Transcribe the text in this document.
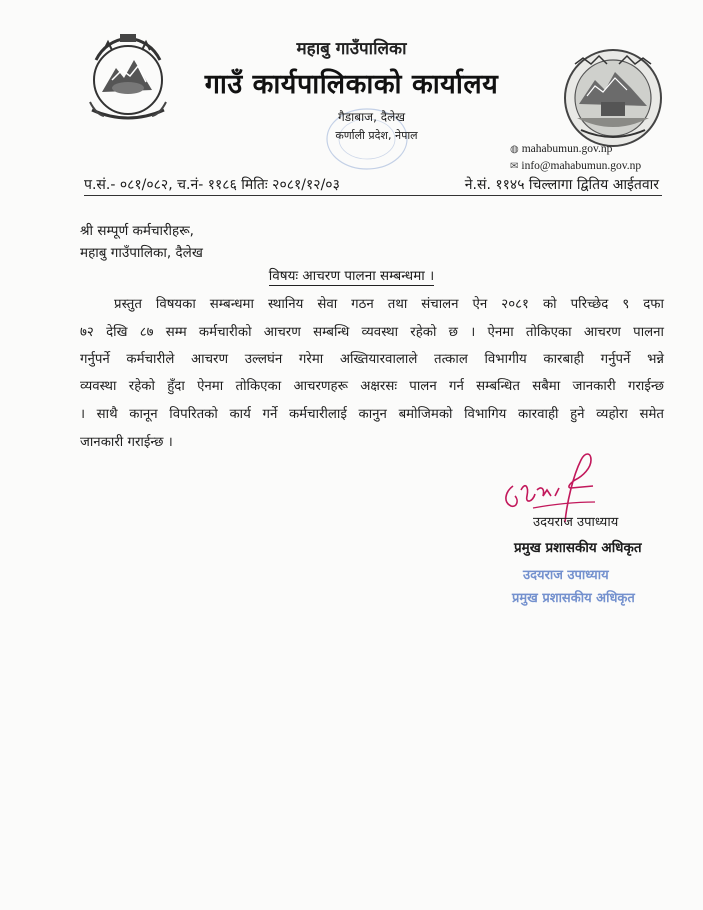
महाबु गाउँपालिका
गाउँ कार्यपालिकाको कार्यालय
गैडाबाज, दैलेख
कर्णाली प्रदेश, नेपाल
◍ mahabumun.gov.np
✉ info@mahabumun.gov.np
प.सं.- ०८१/०८२, च.नं- ११८६ मितिः २०८१/१२/०३	ने.सं. ११४५ चिल्लागा द्वितिय आईतवार
श्री सम्पूर्ण कर्मचारीहरू,
महाबु गाउँपालिका, दैलेख
विषयः आचरण पालना सम्बन्धमा ।
प्रस्तुत विषयका सम्बन्धमा स्थानिय सेवा गठन तथा संचालन ऐन २०८१ को परिच्छेद ९ दफा
७२ देखि ८७ सम्म कर्मचारीको आचरण सम्बन्धि व्यवस्था रहेको छ । ऐनमा तोकिएका आचरण पालना
गर्नुपर्ने कर्मचारीले आचरण उल्लघंन गरेमा अख्तियारवालाले तत्काल विभागीय कारबाही गर्नुपर्ने भन्ने
व्यवस्था रहेको हुँदा ऐनमा तोकिएका आचरणहरू अक्षरसः पालन गर्न सम्बन्धित सबैमा जानकारी गराईन्छ
। साथै कानून विपरितको कार्य गर्ने कर्मचारीलाई कानुन बमोजिमको विभागिय कारवाही हुने व्यहोरा समेत
जानकारी गराईन्छ ।
उदयराज उपाध्याय
प्रमुख प्रशासकीय अधिकृत
उदयराज उपाध्याय
प्रमुख प्रशासकीय अधिकृत
